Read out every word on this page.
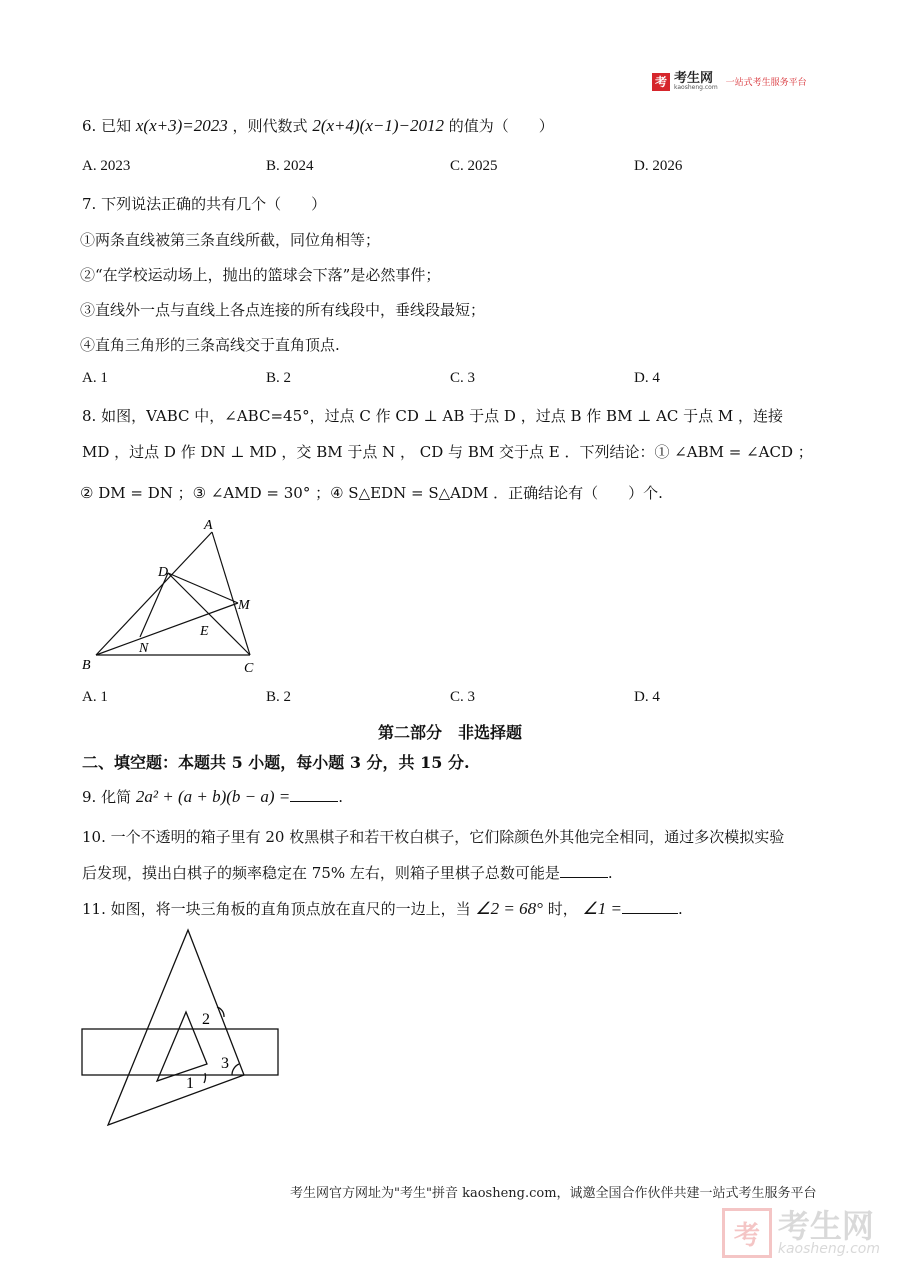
考 考生网
kaosheng.com 一站式考生服务平台
6. 已知 x(x+3)=2023 ，则代数式 2(x+4)(x−1)−2012 的值为（　　）
A. 2023	B. 2024	C. 2025	D. 2026
7. 下列说法正确的共有几个（　　）
①两条直线被第三条直线所截，同位角相等；
②“在学校运动场上，抛出的篮球会下落”是必然事件；
③直线外一点与直线上各点连接的所有线段中，垂线段最短；
④直角三角形的三条高线交于直角顶点.
A. 1	B. 2	C. 3	D. 4
8. 如图，VABC 中，∠ABC=45°，过点 C 作 CD ⊥ AB 于点 D ，过点 B 作 BM ⊥ AC 于点 M ，连接
MD ，过点 D 作 DN ⊥ MD ，交 BM 于点 N ， CD 与 BM 交于点 E ．下列结论：① ∠ABM = ∠ACD ；
② DM = DN ；③ ∠AMD = 30° ；④ S△EDN = S△ADM ．正确结论有（　　）个.
A
B	C
D
E
M
N
A. 1	B. 2	C. 3	D. 4
第二部分　非选择题
二、填空题：本题共 5 小题，每小题 3 分，共 15 分.
9. 化简 2a² + (a + b)(b − a) =	.
10. 一个不透明的箱子里有 20 枚黑棋子和若干枚白棋子，它们除颜色外其他完全相同，通过多次模拟实验
后发现，摸出白棋子的频率稳定在 75% 左右，则箱子里棋子总数可能是	.
11. 如图，将一块三角板的直角顶点放在直尺的一边上，当 ∠2 = 68° 时， ∠1 =	.
2
1
3
考生网官方网址为"考生"拼音 kaosheng.com，诚邀全国合作伙伴共建一站式考生服务平台
考 考生网
kaosheng.com
